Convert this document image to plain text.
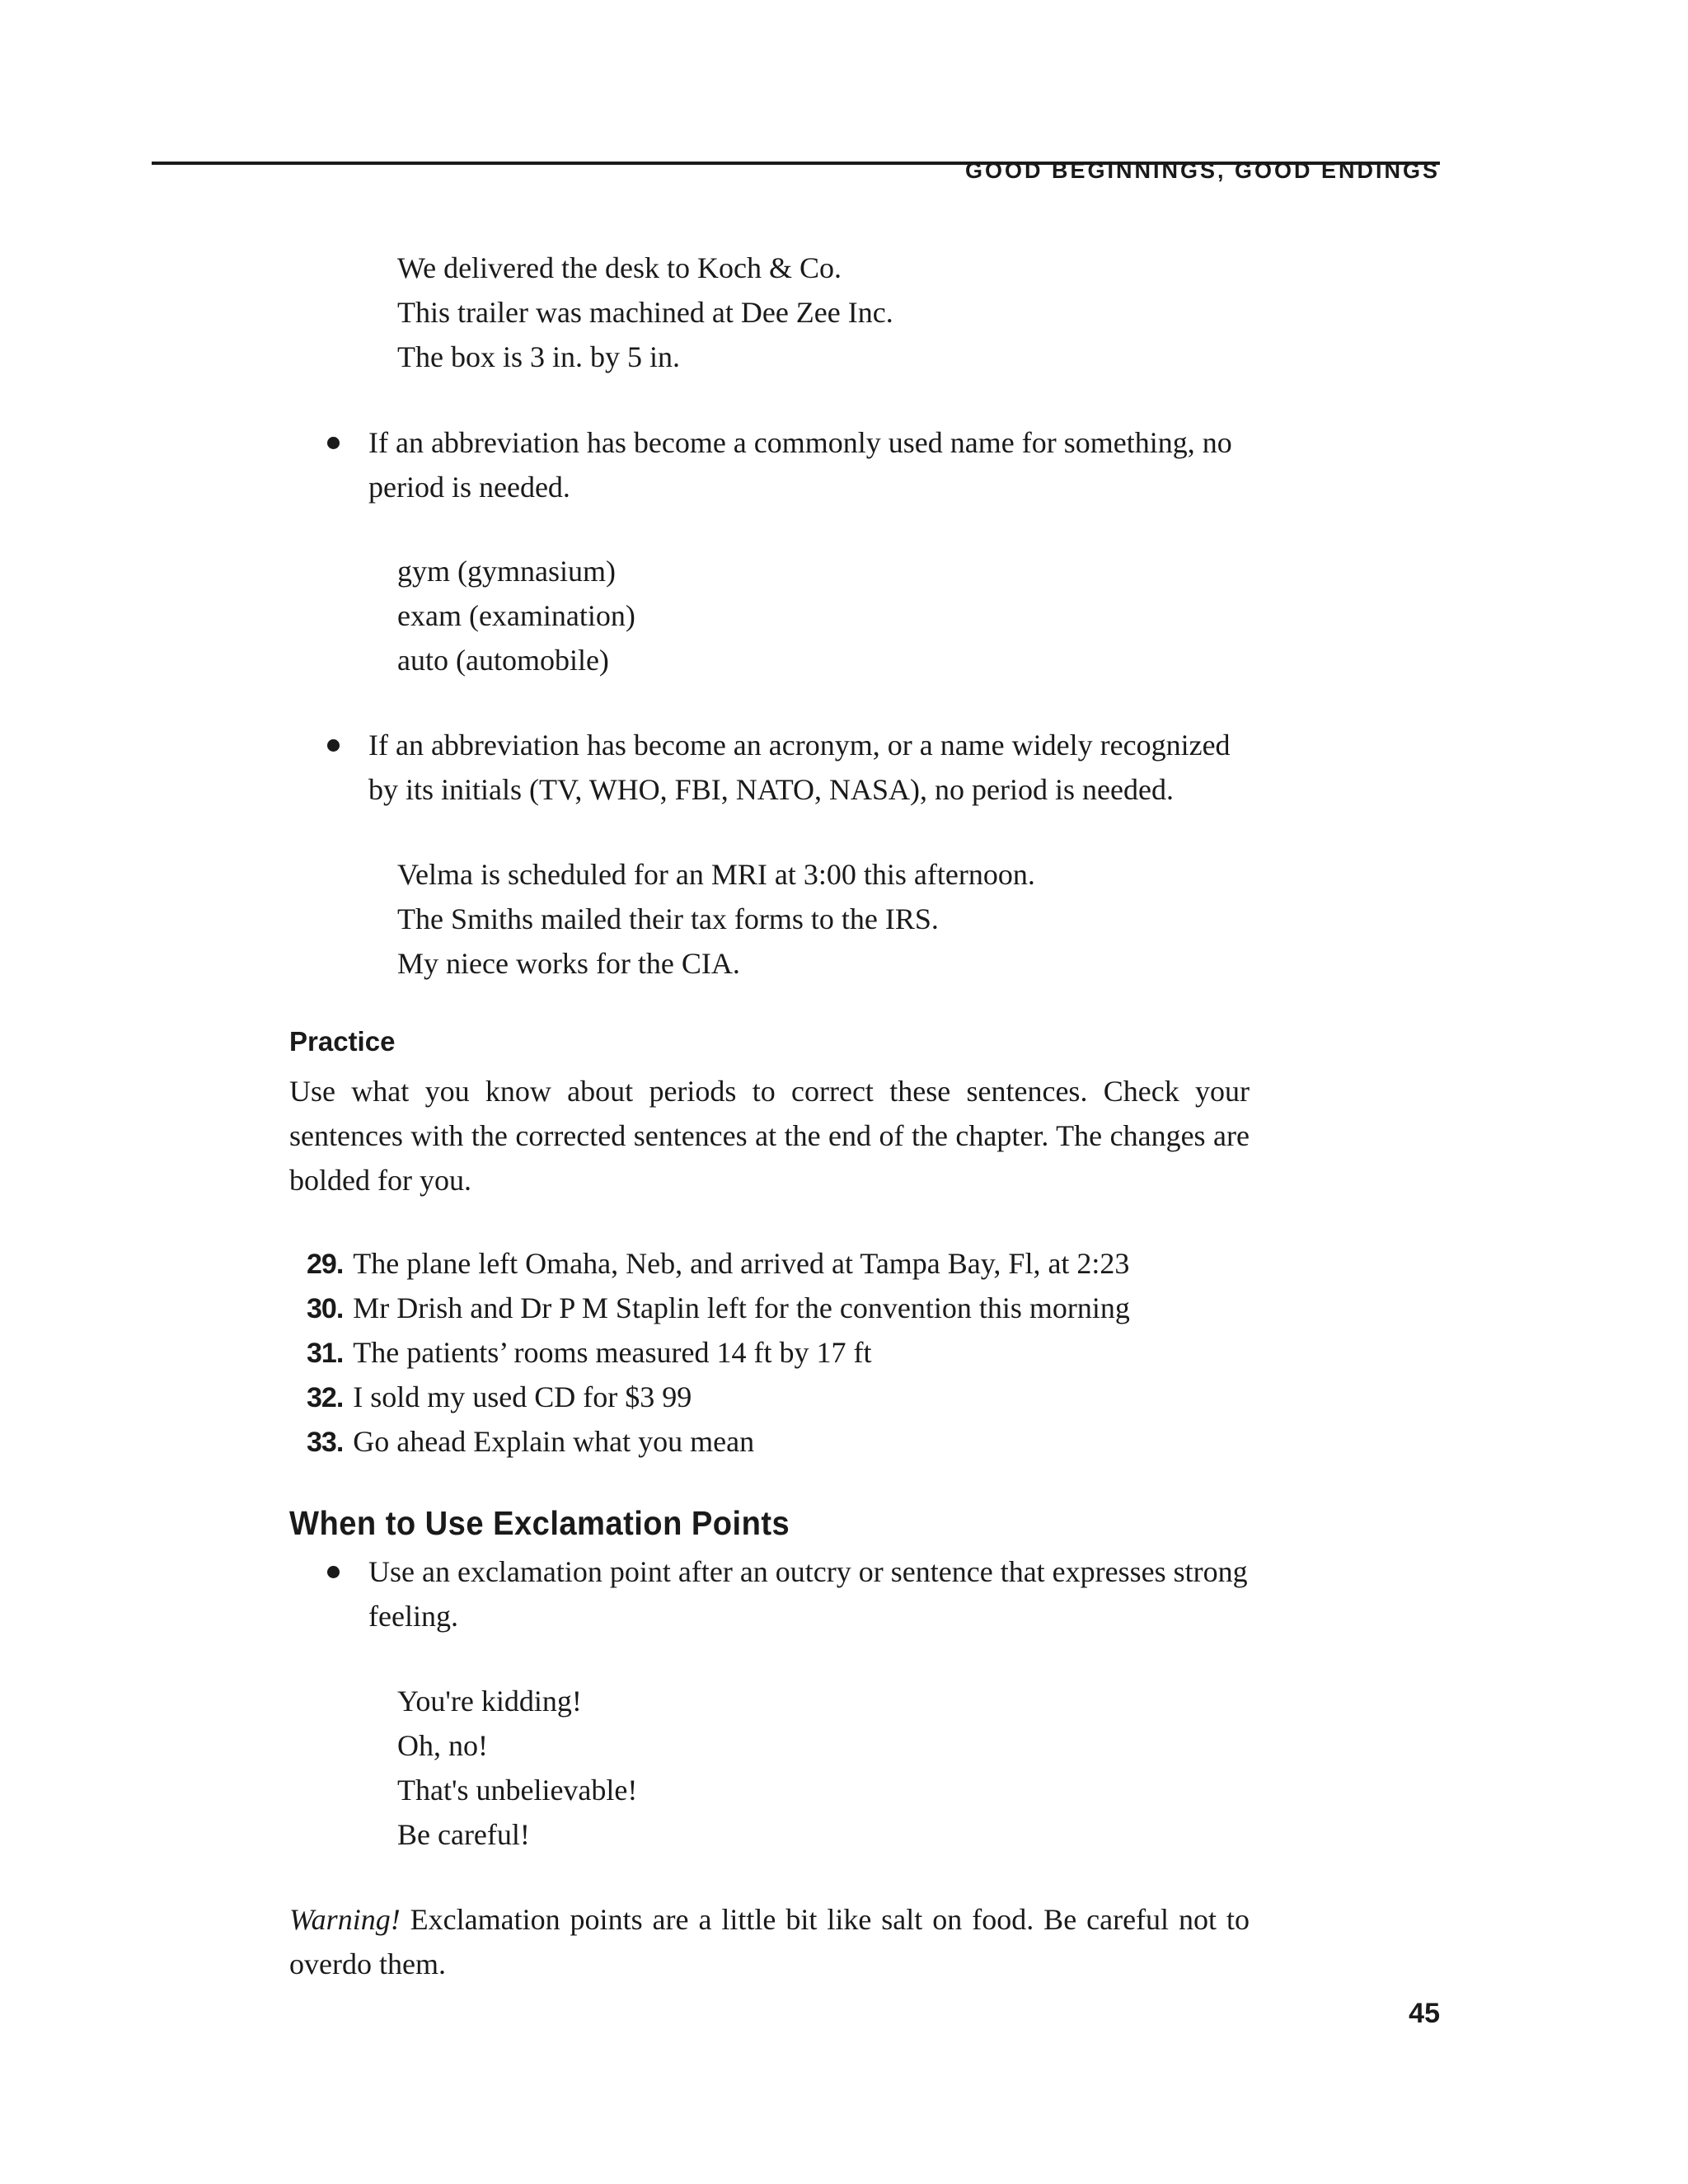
GOOD BEGINNINGS, GOOD ENDINGS
We delivered the desk to Koch & Co.
This trailer was machined at Dee Zee Inc.
The box is 3 in. by 5 in.
If an abbreviation has become a commonly used name for something, no period is needed.
gym (gymnasium)
exam (examination)
auto (automobile)
If an abbreviation has become an acronym, or a name widely recognized by its initials (TV, WHO, FBI, NATO, NASA), no period is needed.
Velma is scheduled for an MRI at 3:00 this afternoon.
The Smiths mailed their tax forms to the IRS.
My niece works for the CIA.
Practice
Use what you know about periods to correct these sentences. Check your sentences with the corrected sentences at the end of the chapter. The changes are bolded for you.
29. The plane left Omaha, Neb, and arrived at Tampa Bay, Fl, at 2:23
30. Mr Drish and Dr P M Staplin left for the convention this morning
31. The patients’ rooms measured 14 ft by 17 ft
32. I sold my used CD for $3 99
33. Go ahead Explain what you mean
When to Use Exclamation Points
Use an exclamation point after an outcry or sentence that expresses strong feeling.
You're kidding!
Oh, no!
That's unbelievable!
Be careful!
Warning! Exclamation points are a little bit like salt on food. Be careful not to overdo them.
45
